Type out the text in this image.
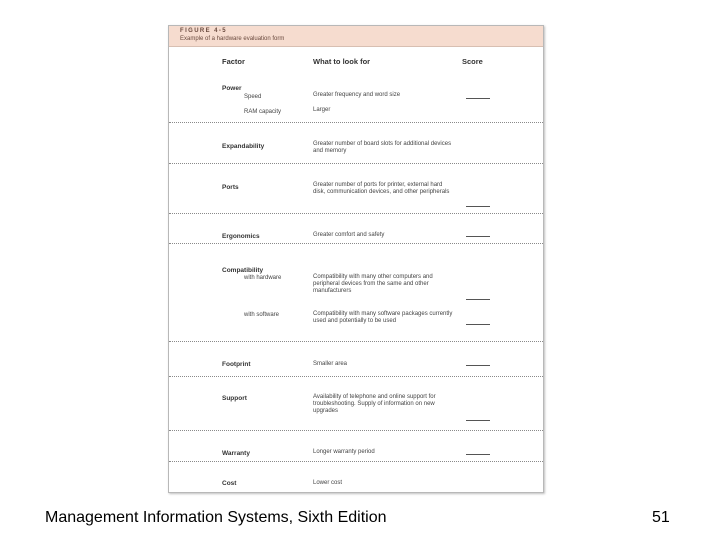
FIGURE 4-5
Example of a hardware evaluation form
Factor	What to look for	Score
Power
Speed	Greater frequency and word size
RAM capacity	Larger
Expandability	Greater number of board slots for additional devices and memory
Ports	Greater number of ports for printer, external hard disk, communication devices, and other peripherals
Ergonomics	Greater comfort and safety
Compatibility
with hardware	Compatibility with many other computers and peripheral devices from the same and other manufacturers
with software	Compatibility with many software packages currently used and potentially to be used
Footprint	Smaller area
Support	Availability of telephone and online support for troubleshooting. Supply of information on new upgrades
Warranty	Longer warranty period
Cost	Lower cost
Management Information Systems, Sixth Edition	51
